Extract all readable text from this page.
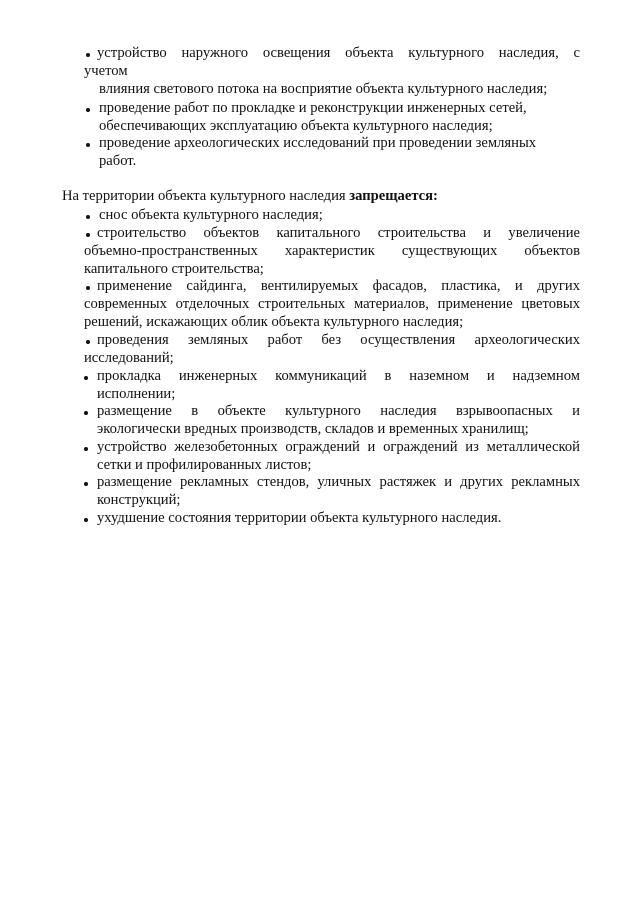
устройство наружного освещения объекта культурного наследия, с
учетом
влияния светового потока на восприятие объекта культурного наследия;
проведение работ по прокладке и реконструкции инженерных сетей,
обеспечивающих эксплуатацию объекта культурного наследия;
проведение археологических исследований при проведении земляных
работ.
На территории объекта культурного наследия запрещается:
снос объекта культурного наследия;
строительство объектов капитального строительства и увеличение
объемно-пространственных характеристик существующих объектов
капитального строительства;
применение сайдинга, вентилируемых фасадов, пластика, и других
современных отделочных строительных материалов, применение цветовых
решений, искажающих облик объекта культурного наследия;
проведения земляных работ без осуществления археологических
исследований;
прокладка инженерных коммуникаций в наземном и надземном
исполнении;
размещение в объекте культурного наследия взрывоопасных и
экологически вредных производств, складов и временных хранилищ;
устройство железобетонных ограждений и ограждений из металлической
сетки и профилированных листов;
размещение рекламных стендов, уличных растяжек и других рекламных
конструкций;
ухудшение состояния территории объекта культурного наследия.
